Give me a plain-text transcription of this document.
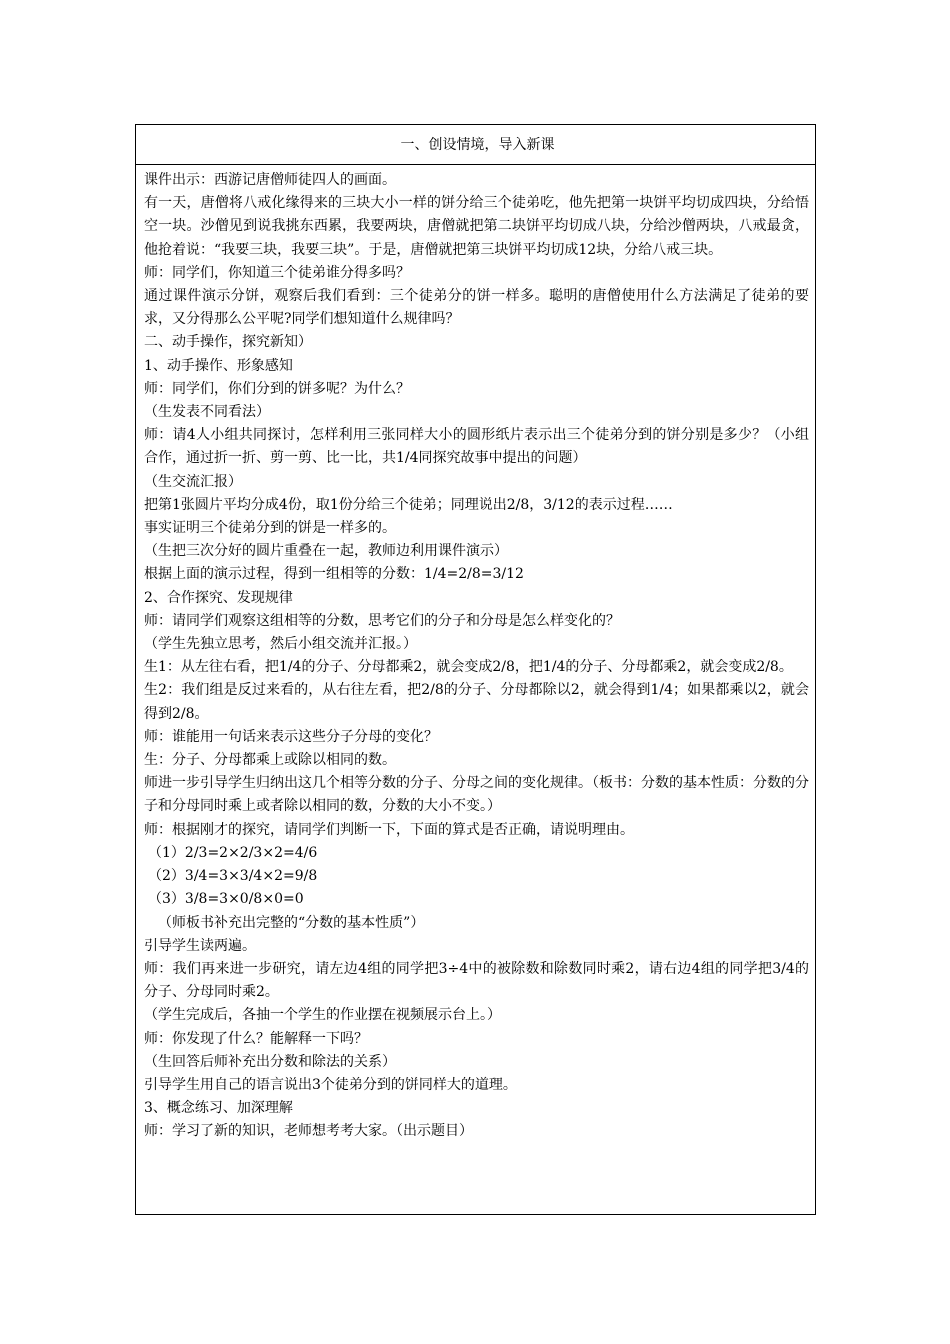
一、创设情境，导入新课

课件出示：西游记唐僧师徒四人的画面。

有一天，唐僧将八戒化缘得来的三块大小一样的饼分给三个徒弟吃，他先把第一块饼平均切成四块，分给悟空一块。沙僧见到说我挑东西累，我要两块，唐僧就把第二块饼平均切成八块，分给沙僧两块，八戒最贪，他抢着说：“我要三块，我要三块”。于是，唐僧就把第三块饼平均切成12块，分给八戒三块。

师：同学们，你知道三个徒弟谁分得多吗？

通过课件演示分饼，观察后我们看到：三个徒弟分的饼一样多。聪明的唐僧使用什么方法满足了徒弟的要求，又分得那么公平呢?同学们想知道什么规律吗？

二、动手操作，探究新知）

1、动手操作、形象感知

师：同学们，你们分到的饼多呢？为什么？

（生发表不同看法）

师：请4人小组共同探讨，怎样利用三张同样大小的圆形纸片表示出三个徒弟分到的饼分别是多少？（小组合作，通过折一折、剪一剪、比一比，共1/4同探究故事中提出的问题）

（生交流汇报）

把第1张圆片平均分成4份，取1份分给三个徒弟；同理说出2/8，3/12的表示过程……

事实证明三个徒弟分到的饼是一样多的。

（生把三次分好的圆片重叠在一起，教师边利用课件演示）

根据上面的演示过程，得到一组相等的分数：1/4=2/8=3/12

2、合作探究、发现规律

师：请同学们观察这组相等的分数，思考它们的分子和分母是怎么样变化的？

（学生先独立思考，然后小组交流并汇报。）

生1：从左往右看，把1/4的分子、分母都乘2，就会变成2/8，把1/4的分子、分母都乘2，就会变成2/8。

生2：我们组是反过来看的，从右往左看，把2/8的分子、分母都除以2，就会得到1/4；如果都乘以2，就会得到2/8。

师：谁能用一句话来表示这些分子分母的变化？

生：分子、分母都乘上或除以相同的数。

师进一步引导学生归纳出这几个相等分数的分子、分母之间的变化规律。（板书：分数的基本性质：分数的分子和分母同时乘上或者除以相同的数，分数的大小不变。）

师：根据刚才的探究，请同学们判断一下，下面的算式是否正确，请说明理由。

（1）2/3=2×2/3×2=4/6

（2）3/4=3×3/4×2=9/8

（3）3/8=3×0/8×0=0

（师板书补充出完整的“分数的基本性质”）

引导学生读两遍。

师：我们再来进一步研究，请左边4组的同学把3÷4中的被除数和除数同时乘2，请右边4组的同学把3/4的分子、分母同时乘2。

（学生完成后，各抽一个学生的作业摆在视频展示台上。）

师：你发现了什么？能解释一下吗？

（生回答后师补充出分数和除法的关系）

引导学生用自己的语言说出3个徒弟分到的饼同样大的道理。

3、概念练习、加深理解

师：学习了新的知识，老师想考考大家。（出示题目）
